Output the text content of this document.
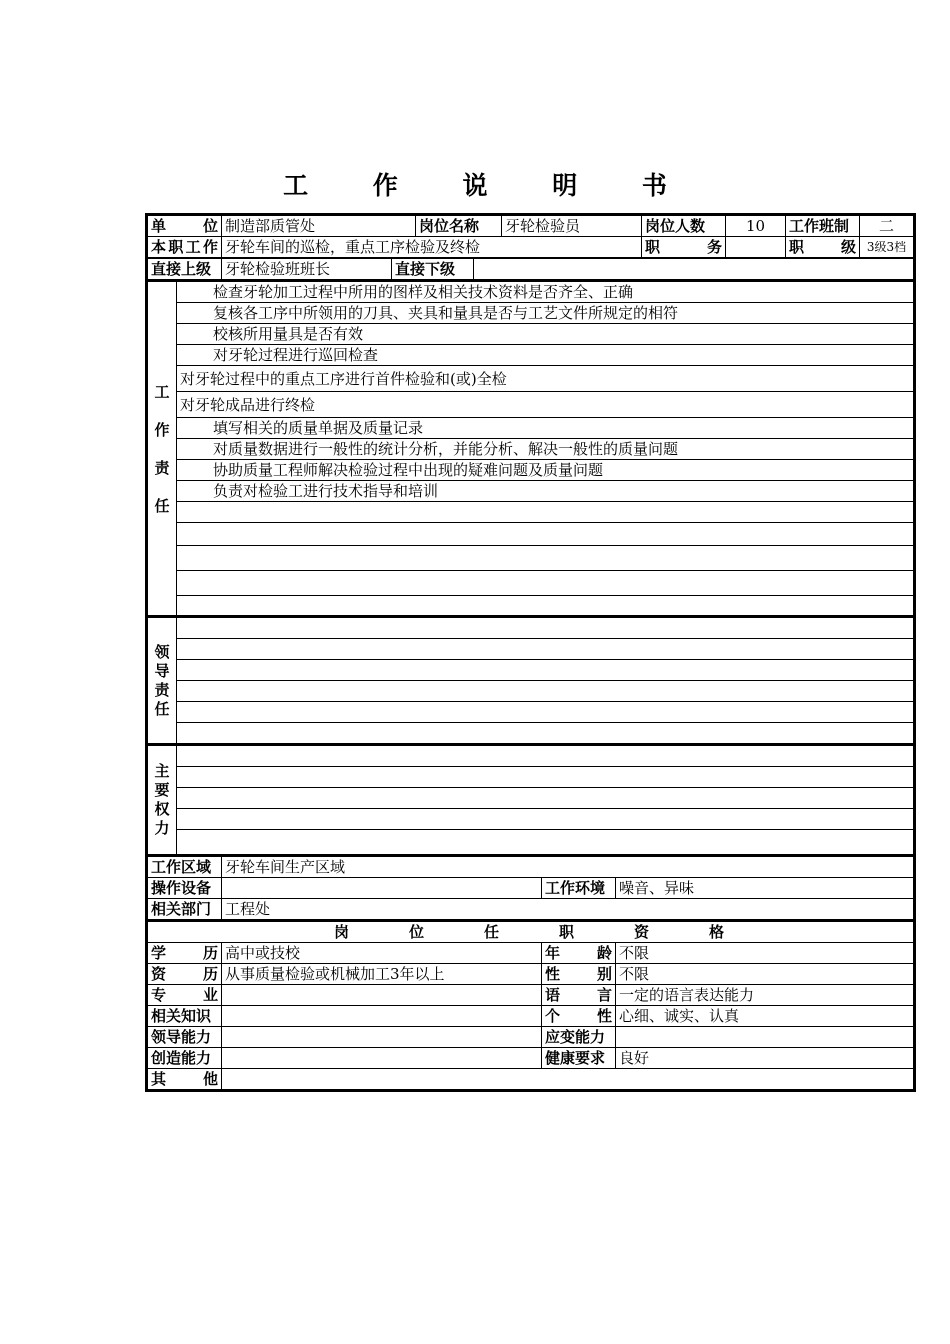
工 作 说 明 书
单　　位	制造部质管处	岗位名称	牙轮检验员	岗位人数	10	工作班制	二
本职工作	牙轮车间的巡检，重点工序检验及终检			职　　务		职　　级	3级3档
直接上级	牙轮检验班班长	直接下级	
工
作
责
任
	检查牙轮加工过程中所用的图样及相关技术资料是否齐全、正确
复核各工序中所领用的刀具、夹具和量具是否与工艺文件所规定的相符
校核所用量具是否有效
对牙轮过程进行巡回检查
对牙轮过程中的重点工序进行首件检验和(或)全检
对牙轮成品进行终检
填写相关的质量单据及质量记录
对质量数据进行一般性的统计分析，并能分析、解决一般性的质量问题
协助质量工程师解决检验过程中出现的疑难问题及质量问题
负责对检验工进行技术指导和培训

领
导
责
任

主
要
权
力

工作区域	牙轮车间生产区域		
操作设备		工作环境	噪音、异味
相关部门	工程处		
岗位任职资格			
学　　历	高中或技校	年　　龄	不限
资　　历	从事质量检验或机械加工3年以上	性　　别	不限
专　　业		语　　言	一定的语言表达能力
相关知识		个　　性	心细、诚实、认真
领导能力		应变能力	
创造能力		健康要求	良好
其　　他			
